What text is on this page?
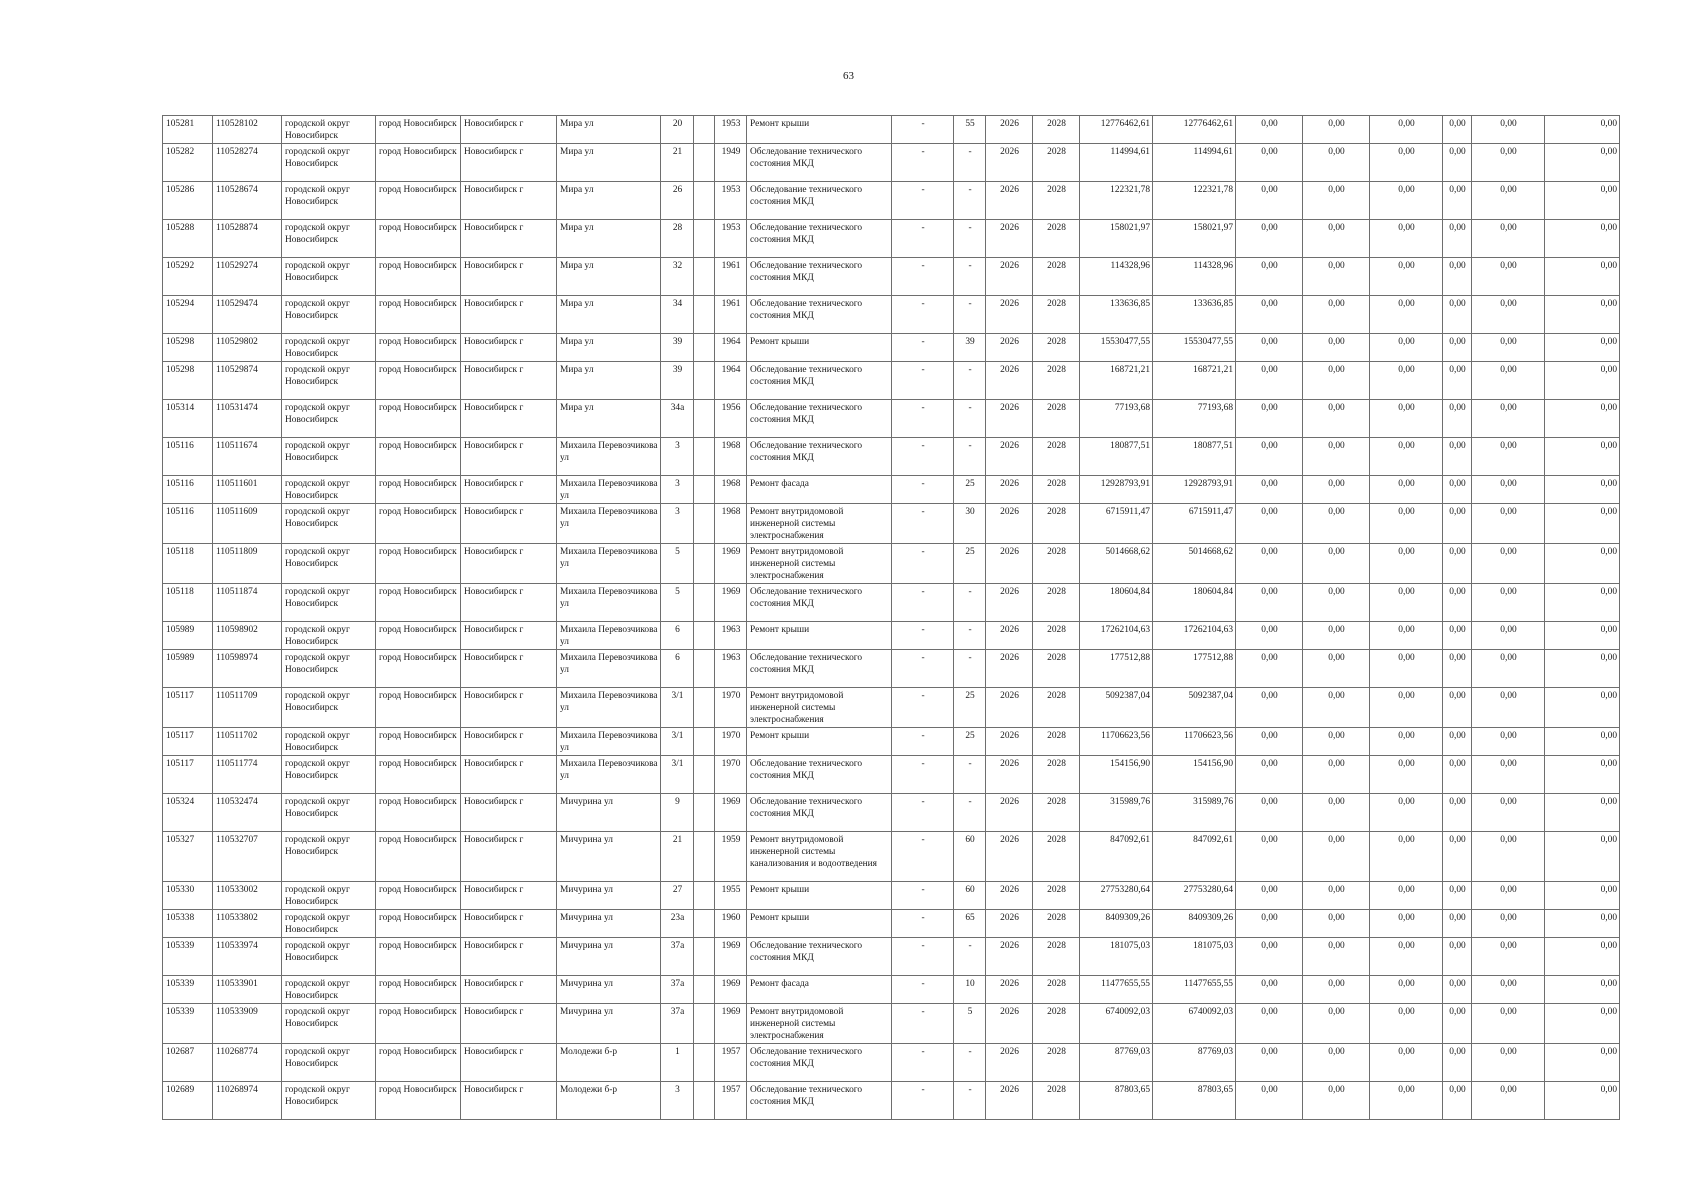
63
105281	110528102	городской округ Новосибирск	город Новосибирск	Новосибирск г	Мира ул	20		1953	Ремонт крыши	-	55	2026	2028	12776462,61	12776462,61	0,00	0,00	0,00	0,00	0,00	0,00
105282	110528274	городской округ Новосибирск	город Новосибирск	Новосибирск г	Мира ул	21		1949	Обследование технического состояния МКД	-	-	2026	2028	114994,61	114994,61	0,00	0,00	0,00	0,00	0,00	0,00
105286	110528674	городской округ Новосибирск	город Новосибирск	Новосибирск г	Мира ул	26		1953	Обследование технического состояния МКД	-	-	2026	2028	122321,78	122321,78	0,00	0,00	0,00	0,00	0,00	0,00
105288	110528874	городской округ Новосибирск	город Новосибирск	Новосибирск г	Мира ул	28		1953	Обследование технического состояния МКД	-	-	2026	2028	158021,97	158021,97	0,00	0,00	0,00	0,00	0,00	0,00
105292	110529274	городской округ Новосибирск	город Новосибирск	Новосибирск г	Мира ул	32		1961	Обследование технического состояния МКД	-	-	2026	2028	114328,96	114328,96	0,00	0,00	0,00	0,00	0,00	0,00
105294	110529474	городской округ Новосибирск	город Новосибирск	Новосибирск г	Мира ул	34		1961	Обследование технического состояния МКД	-	-	2026	2028	133636,85	133636,85	0,00	0,00	0,00	0,00	0,00	0,00
105298	110529802	городской округ Новосибирск	город Новосибирск	Новосибирск г	Мира ул	39		1964	Ремонт крыши	-	39	2026	2028	15530477,55	15530477,55	0,00	0,00	0,00	0,00	0,00	0,00
105298	110529874	городской округ Новосибирск	город Новосибирск	Новосибирск г	Мира ул	39		1964	Обследование технического состояния МКД	-	-	2026	2028	168721,21	168721,21	0,00	0,00	0,00	0,00	0,00	0,00
105314	110531474	городской округ Новосибирск	город Новосибирск	Новосибирск г	Мира ул	34а		1956	Обследование технического состояния МКД	-	-	2026	2028	77193,68	77193,68	0,00	0,00	0,00	0,00	0,00	0,00
105116	110511674	городской округ Новосибирск	город Новосибирск	Новосибирск г	Михаила Перевозчикова ул	3		1968	Обследование технического состояния МКД	-	-	2026	2028	180877,51	180877,51	0,00	0,00	0,00	0,00	0,00	0,00
105116	110511601	городской округ Новосибирск	город Новосибирск	Новосибирск г	Михаила Перевозчикова ул	3		1968	Ремонт фасада	-	25	2026	2028	12928793,91	12928793,91	0,00	0,00	0,00	0,00	0,00	0,00
105116	110511609	городской округ Новосибирск	город Новосибирск	Новосибирск г	Михаила Перевозчикова ул	3		1968	Ремонт внутридомовой инженерной системы электроснабжения	-	30	2026	2028	6715911,47	6715911,47	0,00	0,00	0,00	0,00	0,00	0,00
105118	110511809	городской округ Новосибирск	город Новосибирск	Новосибирск г	Михаила Перевозчикова ул	5		1969	Ремонт внутридомовой инженерной системы электроснабжения	-	25	2026	2028	5014668,62	5014668,62	0,00	0,00	0,00	0,00	0,00	0,00
105118	110511874	городской округ Новосибирск	город Новосибирск	Новосибирск г	Михаила Перевозчикова ул	5		1969	Обследование технического состояния МКД	-	-	2026	2028	180604,84	180604,84	0,00	0,00	0,00	0,00	0,00	0,00
105989	110598902	городской округ Новосибирск	город Новосибирск	Новосибирск г	Михаила Перевозчикова ул	6		1963	Ремонт крыши	-	-	2026	2028	17262104,63	17262104,63	0,00	0,00	0,00	0,00	0,00	0,00
105989	110598974	городской округ Новосибирск	город Новосибирск	Новосибирск г	Михаила Перевозчикова ул	6		1963	Обследование технического состояния МКД	-	-	2026	2028	177512,88	177512,88	0,00	0,00	0,00	0,00	0,00	0,00
105117	110511709	городской округ Новосибирск	город Новосибирск	Новосибирск г	Михаила Перевозчикова ул	3/1		1970	Ремонт внутридомовой инженерной системы электроснабжения	-	25	2026	2028	5092387,04	5092387,04	0,00	0,00	0,00	0,00	0,00	0,00
105117	110511702	городской округ Новосибирск	город Новосибирск	Новосибирск г	Михаила Перевозчикова ул	3/1		1970	Ремонт крыши	-	25	2026	2028	11706623,56	11706623,56	0,00	0,00	0,00	0,00	0,00	0,00
105117	110511774	городской округ Новосибирск	город Новосибирск	Новосибирск г	Михаила Перевозчикова ул	3/1		1970	Обследование технического состояния МКД	-	-	2026	2028	154156,90	154156,90	0,00	0,00	0,00	0,00	0,00	0,00
105324	110532474	городской округ Новосибирск	город Новосибирск	Новосибирск г	Мичурина ул	9		1969	Обследование технического состояния МКД	-	-	2026	2028	315989,76	315989,76	0,00	0,00	0,00	0,00	0,00	0,00
105327	110532707	городской округ Новосибирск	город Новосибирск	Новосибирск г	Мичурина ул	21		1959	Ремонт внутридомовой инженерной системы канализования и водоотведения	-	60	2026	2028	847092,61	847092,61	0,00	0,00	0,00	0,00	0,00	0,00
105330	110533002	городской округ Новосибирск	город Новосибирск	Новосибирск г	Мичурина ул	27		1955	Ремонт крыши	-	60	2026	2028	27753280,64	27753280,64	0,00	0,00	0,00	0,00	0,00	0,00
105338	110533802	городской округ Новосибирск	город Новосибирск	Новосибирск г	Мичурина ул	23а		1960	Ремонт крыши	-	65	2026	2028	8409309,26	8409309,26	0,00	0,00	0,00	0,00	0,00	0,00
105339	110533974	городской округ Новосибирск	город Новосибирск	Новосибирск г	Мичурина ул	37а		1969	Обследование технического состояния МКД	-	-	2026	2028	181075,03	181075,03	0,00	0,00	0,00	0,00	0,00	0,00
105339	110533901	городской округ Новосибирск	город Новосибирск	Новосибирск г	Мичурина ул	37а		1969	Ремонт фасада	-	10	2026	2028	11477655,55	11477655,55	0,00	0,00	0,00	0,00	0,00	0,00
105339	110533909	городской округ Новосибирск	город Новосибирск	Новосибирск г	Мичурина ул	37а		1969	Ремонт внутридомовой инженерной системы электроснабжения	-	5	2026	2028	6740092,03	6740092,03	0,00	0,00	0,00	0,00	0,00	0,00
102687	110268774	городской округ Новосибирск	город Новосибирск	Новосибирск г	Молодежи б-р	1		1957	Обследование технического состояния МКД	-	-	2026	2028	87769,03	87769,03	0,00	0,00	0,00	0,00	0,00	0,00
102689	110268974	городской округ Новосибирск	город Новосибирск	Новосибирск г	Молодежи б-р	3		1957	Обследование технического состояния МКД	-	-	2026	2028	87803,65	87803,65	0,00	0,00	0,00	0,00	0,00	0,00
